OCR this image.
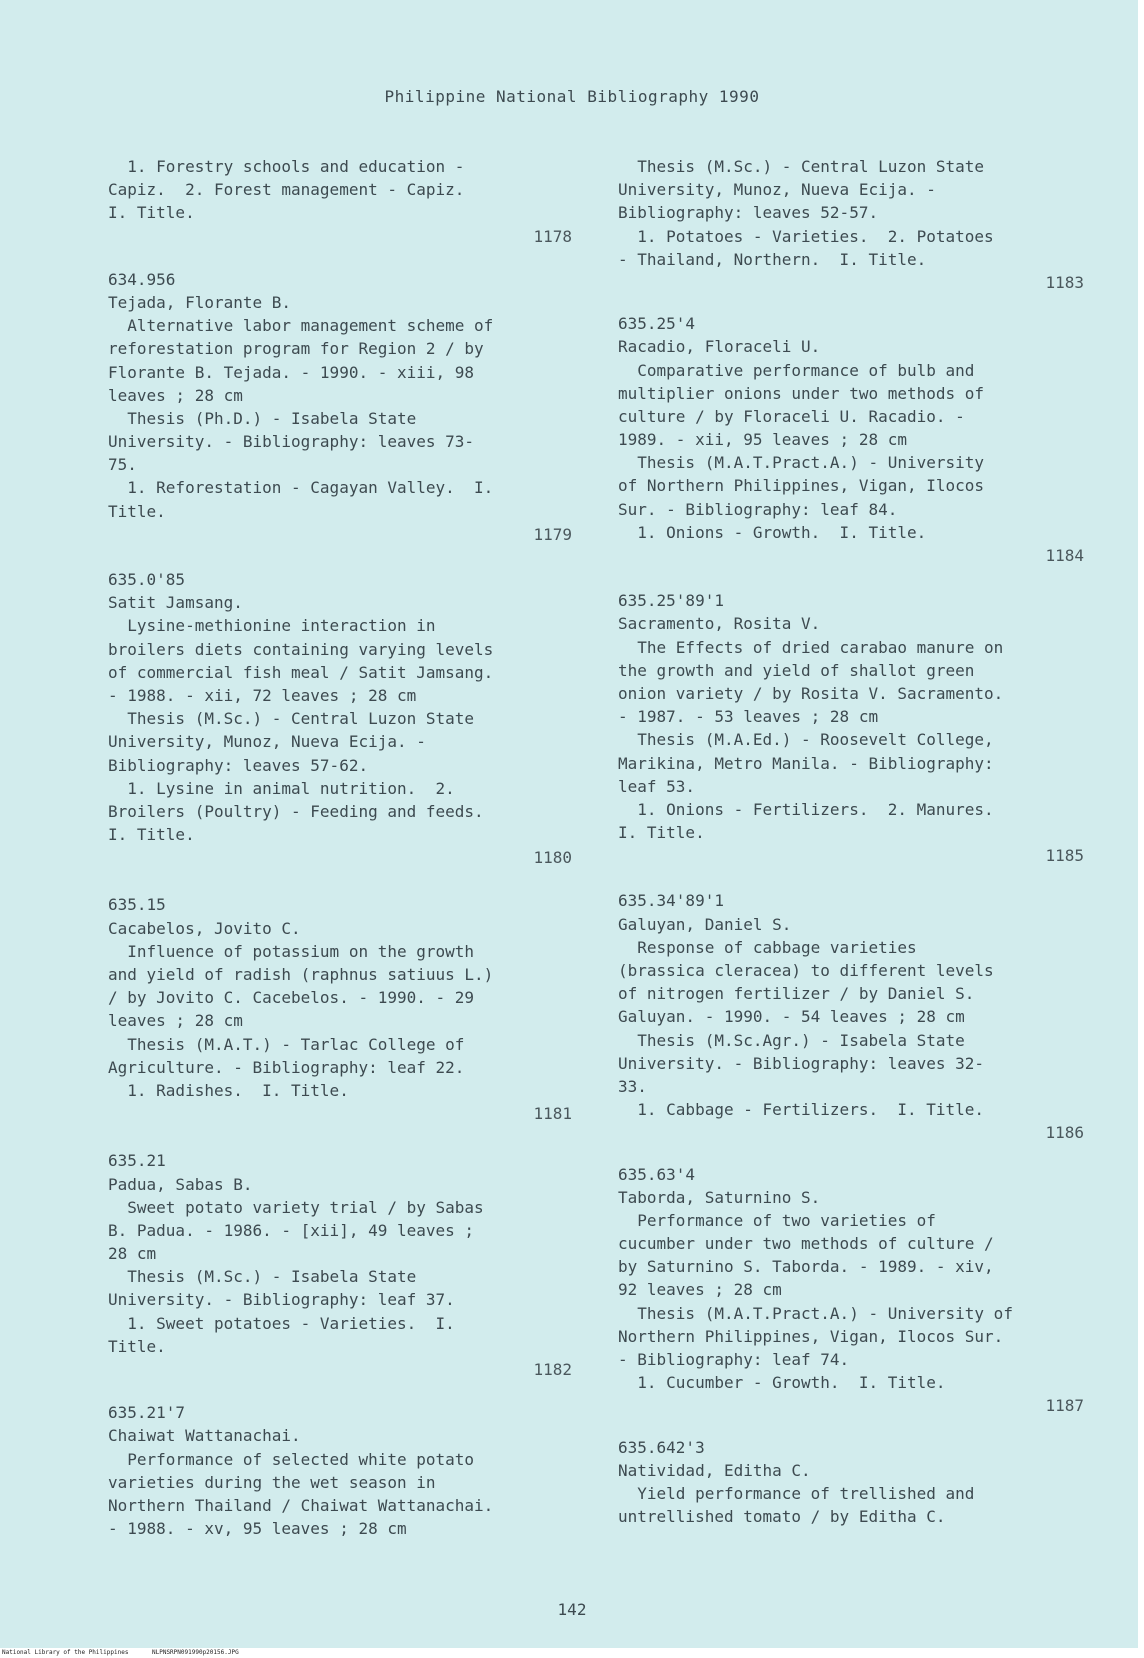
Philippine National Bibliography 1990
1. Forestry schools and education -
Capiz.  2. Forest management - Capiz.
I. Title.
1178
634.956
Tejada, Florante B.
Alternative labor management scheme of
reforestation program for Region 2 / by
Florante B. Tejada. - 1990. - xiii, 98
leaves ; 28 cm
Thesis (Ph.D.) - Isabela State
University. - Bibliography: leaves 73-
75.
1. Reforestation - Cagayan Valley.  I.
Title.
1179
635.0'85
Satit Jamsang.
Lysine-methionine interaction in
broilers diets containing varying levels
of commercial fish meal / Satit Jamsang.
- 1988. - xii, 72 leaves ; 28 cm
Thesis (M.Sc.) - Central Luzon State
University, Munoz, Nueva Ecija. -
Bibliography: leaves 57-62.
1. Lysine in animal nutrition.  2.
Broilers (Poultry) - Feeding and feeds.
I. Title.
1180
635.15
Cacabelos, Jovito C.
Influence of potassium on the growth
and yield of radish (raphnus satiuus L.)
/ by Jovito C. Cacebelos. - 1990. - 29
leaves ; 28 cm
Thesis (M.A.T.) - Tarlac College of
Agriculture. - Bibliography: leaf 22.
1. Radishes.  I. Title.
1181
635.21
Padua, Sabas B.
Sweet potato variety trial / by Sabas
B. Padua. - 1986. - [xii], 49 leaves ;
28 cm
Thesis (M.Sc.) - Isabela State
University. - Bibliography: leaf 37.
1. Sweet potatoes - Varieties.  I.
Title.
1182
635.21'7
Chaiwat Wattanachai.
Performance of selected white potato
varieties during the wet season in
Northern Thailand / Chaiwat Wattanachai.
- 1988. - xv, 95 leaves ; 28 cm
Thesis (M.Sc.) - Central Luzon State
University, Munoz, Nueva Ecija. -
Bibliography: leaves 52-57.
1. Potatoes - Varieties.  2. Potatoes
- Thailand, Northern.  I. Title.
1183
635.25'4
Racadio, Floraceli U.
Comparative performance of bulb and
multiplier onions under two methods of
culture / by Floraceli U. Racadio. -
1989. - xii, 95 leaves ; 28 cm
Thesis (M.A.T.Pract.A.) - University
of Northern Philippines, Vigan, Ilocos
Sur. - Bibliography: leaf 84.
1. Onions - Growth.  I. Title.
1184
635.25'89'1
Sacramento, Rosita V.
The Effects of dried carabao manure on
the growth and yield of shallot green
onion variety / by Rosita V. Sacramento.
- 1987. - 53 leaves ; 28 cm
Thesis (M.A.Ed.) - Roosevelt College,
Marikina, Metro Manila. - Bibliography:
leaf 53.
1. Onions - Fertilizers.  2. Manures.
I. Title.
1185
635.34'89'1
Galuyan, Daniel S.
Response of cabbage varieties
(brassica cleracea) to different levels
of nitrogen fertilizer / by Daniel S.
Galuyan. - 1990. - 54 leaves ; 28 cm
Thesis (M.Sc.Agr.) - Isabela State
University. - Bibliography: leaves 32-
33.
1. Cabbage - Fertilizers.  I. Title.
1186
635.63'4
Taborda, Saturnino S.
Performance of two varieties of
cucumber under two methods of culture /
by Saturnino S. Taborda. - 1989. - xiv,
92 leaves ; 28 cm
Thesis (M.A.T.Pract.A.) - University of
Northern Philippines, Vigan, Ilocos Sur.
- Bibliography: leaf 74.
1. Cucumber - Growth.  I. Title.
1187
635.642'3
Natividad, Editha C.
Yield performance of trellished and
untrellished tomato / by Editha C.
142
National Library of the Philippines	NLPNSRPN091990p20156.JPG
